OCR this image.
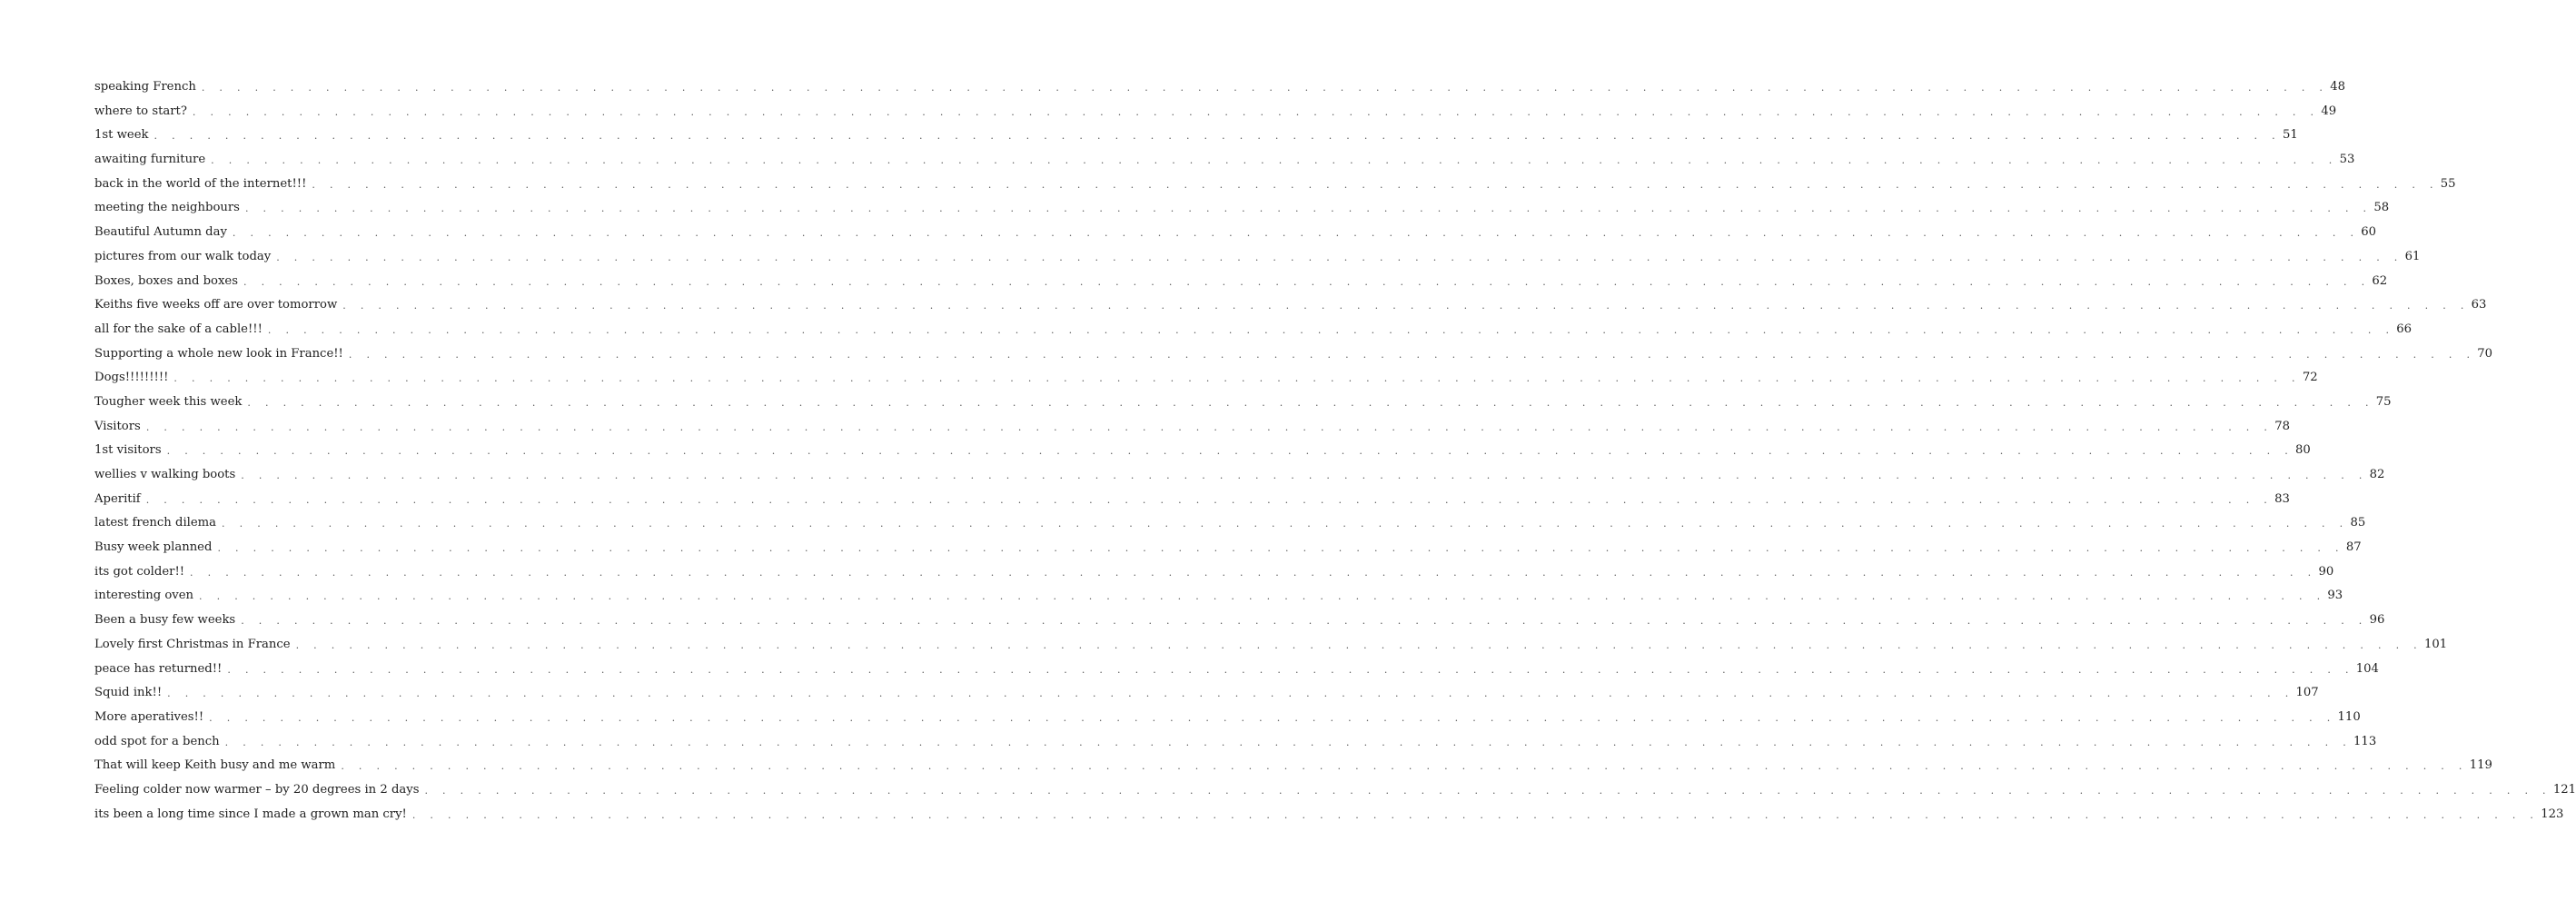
speaking French . . . . . . . . . . . . . . . . . . . . . . . . . . . . . . . . . . . . . . . . . . . . . . . . . . . . . . . . . . . . . . . . . . . . . . . . . . . . . . . . . . . . . . . . . . . . . . . . . . . . . . . . . . . . . . . . . . . . . . . . 48
where to start? . . . . . . . . . . . . . . . . . . . . . . . . . . . . . . . . . . . . . . . . . . . . . . . . . . . . . . . . . . . . . . . . . . . . . . . . . . . . . . . . . . . . . . . . . . . . . . . . . . . . . . . . . . . . . . . . . . . . . . . . 49
1st week . . . . . . . . . . . . . . . . . . . . . . . . . . . . . . . . . . . . . . . . . . . . . . . . . . . . . . . . . . . . . . . . . . . . . . . . . . . . . . . . . . . . . . . . . . . . . . . . . . . . . . . . . . . . . . . . . . . . . . . . 51
awaiting furniture . . . . . . . . . . . . . . . . . . . . . . . . . . . . . . . . . . . . . . . . . . . . . . . . . . . . . . . . . . . . . . . . . . . . . . . . . . . . . . . . . . . . . . . . . . . . . . . . . . . . . . . . . . . . . . . . . . . . . . . . 53
back in the world of the internet!!! . . . . . . . . . . . . . . . . . . . . . . . . . . . . . . . . . . . . . . . . . . . . . . . . . . . . . . . . . . . . . . . . . . . . . . . . . . . . . . . . . . . . . . . . . . . . . . . . . . . . . . . . . . . . . . . . . . . . . . . . 55
meeting the neighbours . . . . . . . . . . . . . . . . . . . . . . . . . . . . . . . . . . . . . . . . . . . . . . . . . . . . . . . . . . . . . . . . . . . . . . . . . . . . . . . . . . . . . . . . . . . . . . . . . . . . . . . . . . . . . . . . . . . . . . . . 58
Beautiful Autumn day . . . . . . . . . . . . . . . . . . . . . . . . . . . . . . . . . . . . . . . . . . . . . . . . . . . . . . . . . . . . . . . . . . . . . . . . . . . . . . . . . . . . . . . . . . . . . . . . . . . . . . . . . . . . . . . . . . . . . . . . 60
pictures from our walk today . . . . . . . . . . . . . . . . . . . . . . . . . . . . . . . . . . . . . . . . . . . . . . . . . . . . . . . . . . . . . . . . . . . . . . . . . . . . . . . . . . . . . . . . . . . . . . . . . . . . . . . . . . . . . . . . . . . . . . . . 61
Boxes, boxes and boxes . . . . . . . . . . . . . . . . . . . . . . . . . . . . . . . . . . . . . . . . . . . . . . . . . . . . . . . . . . . . . . . . . . . . . . . . . . . . . . . . . . . . . . . . . . . . . . . . . . . . . . . . . . . . . . . . . . . . . . . . 62
Keiths five weeks off are over tomorrow . . . . . . . . . . . . . . . . . . . . . . . . . . . . . . . . . . . . . . . . . . . . . . . . . . . . . . . . . . . . . . . . . . . . . . . . . . . . . . . . . . . . . . . . . . . . . . . . . . . . . . . . . . . . . . . . . . . . . . . . 63
all for the sake of a cable!!! . . . . . . . . . . . . . . . . . . . . . . . . . . . . . . . . . . . . . . . . . . . . . . . . . . . . . . . . . . . . . . . . . . . . . . . . . . . . . . . . . . . . . . . . . . . . . . . . . . . . . . . . . . . . . . . . . . . . . . . . 66
Supporting a whole new look in France!! . . . . . . . . . . . . . . . . . . . . . . . . . . . . . . . . . . . . . . . . . . . . . . . . . . . . . . . . . . . . . . . . . . . . . . . . . . . . . . . . . . . . . . . . . . . . . . . . . . . . . . . . . . . . . . . . . . . . . . . . 70
Dogs!!!!!!!!! . . . . . . . . . . . . . . . . . . . . . . . . . . . . . . . . . . . . . . . . . . . . . . . . . . . . . . . . . . . . . . . . . . . . . . . . . . . . . . . . . . . . . . . . . . . . . . . . . . . . . . . . . . . . . . . . . . . . . . . . 72
Tougher week this week . . . . . . . . . . . . . . . . . . . . . . . . . . . . . . . . . . . . . . . . . . . . . . . . . . . . . . . . . . . . . . . . . . . . . . . . . . . . . . . . . . . . . . . . . . . . . . . . . . . . . . . . . . . . . . . . . . . . . . . . 75
Visitors . . . . . . . . . . . . . . . . . . . . . . . . . . . . . . . . . . . . . . . . . . . . . . . . . . . . . . . . . . . . . . . . . . . . . . . . . . . . . . . . . . . . . . . . . . . . . . . . . . . . . . . . . . . . . . . . . . . . . . . . 78
1st visitors . . . . . . . . . . . . . . . . . . . . . . . . . . . . . . . . . . . . . . . . . . . . . . . . . . . . . . . . . . . . . . . . . . . . . . . . . . . . . . . . . . . . . . . . . . . . . . . . . . . . . . . . . . . . . . . . . . . . . . . . 80
wellies v walking boots . . . . . . . . . . . . . . . . . . . . . . . . . . . . . . . . . . . . . . . . . . . . . . . . . . . . . . . . . . . . . . . . . . . . . . . . . . . . . . . . . . . . . . . . . . . . . . . . . . . . . . . . . . . . . . . . . . . . . . . . 82
Aperitif . . . . . . . . . . . . . . . . . . . . . . . . . . . . . . . . . . . . . . . . . . . . . . . . . . . . . . . . . . . . . . . . . . . . . . . . . . . . . . . . . . . . . . . . . . . . . . . . . . . . . . . . . . . . . . . . . . . . . . . . 83
latest french dilema . . . . . . . . . . . . . . . . . . . . . . . . . . . . . . . . . . . . . . . . . . . . . . . . . . . . . . . . . . . . . . . . . . . . . . . . . . . . . . . . . . . . . . . . . . . . . . . . . . . . . . . . . . . . . . . . . . . . . . . . 85
Busy week planned . . . . . . . . . . . . . . . . . . . . . . . . . . . . . . . . . . . . . . . . . . . . . . . . . . . . . . . . . . . . . . . . . . . . . . . . . . . . . . . . . . . . . . . . . . . . . . . . . . . . . . . . . . . . . . . . . . . . . . . . 87
its got colder!! . . . . . . . . . . . . . . . . . . . . . . . . . . . . . . . . . . . . . . . . . . . . . . . . . . . . . . . . . . . . . . . . . . . . . . . . . . . . . . . . . . . . . . . . . . . . . . . . . . . . . . . . . . . . . . . . . . . . . . . . 90
interesting oven . . . . . . . . . . . . . . . . . . . . . . . . . . . . . . . . . . . . . . . . . . . . . . . . . . . . . . . . . . . . . . . . . . . . . . . . . . . . . . . . . . . . . . . . . . . . . . . . . . . . . . . . . . . . . . . . . . . . . . . . 93
Been a busy few weeks . . . . . . . . . . . . . . . . . . . . . . . . . . . . . . . . . . . . . . . . . . . . . . . . . . . . . . . . . . . . . . . . . . . . . . . . . . . . . . . . . . . . . . . . . . . . . . . . . . . . . . . . . . . . . . . . . . . . . . . . 96
Lovely first Christmas in France . . . . . . . . . . . . . . . . . . . . . . . . . . . . . . . . . . . . . . . . . . . . . . . . . . . . . . . . . . . . . . . . . . . . . . . . . . . . . . . . . . . . . . . . . . . . . . . . . . . . . . . . . . . . . . . . . . . . . . . . 101
peace has returned!! . . . . . . . . . . . . . . . . . . . . . . . . . . . . . . . . . . . . . . . . . . . . . . . . . . . . . . . . . . . . . . . . . . . . . . . . . . . . . . . . . . . . . . . . . . . . . . . . . . . . . . . . . . . . . . . . . . . . . . . . 104
Squid ink!! . . . . . . . . . . . . . . . . . . . . . . . . . . . . . . . . . . . . . . . . . . . . . . . . . . . . . . . . . . . . . . . . . . . . . . . . . . . . . . . . . . . . . . . . . . . . . . . . . . . . . . . . . . . . . . . . . . . . . . . . 107
More aperatives!! . . . . . . . . . . . . . . . . . . . . . . . . . . . . . . . . . . . . . . . . . . . . . . . . . . . . . . . . . . . . . . . . . . . . . . . . . . . . . . . . . . . . . . . . . . . . . . . . . . . . . . . . . . . . . . . . . . . . . . . . 110
odd spot for a bench . . . . . . . . . . . . . . . . . . . . . . . . . . . . . . . . . . . . . . . . . . . . . . . . . . . . . . . . . . . . . . . . . . . . . . . . . . . . . . . . . . . . . . . . . . . . . . . . . . . . . . . . . . . . . . . . . . . . . . . . 113
That will keep Keith busy and me warm . . . . . . . . . . . . . . . . . . . . . . . . . . . . . . . . . . . . . . . . . . . . . . . . . . . . . . . . . . . . . . . . . . . . . . . . . . . . . . . . . . . . . . . . . . . . . . . . . . . . . . . . . . . . . . . . . . . . . . . . 119
Feeling colder now warmer – by 20 degrees in 2 days . . . . . . . . . . . . . . . . . . . . . . . . . . . . . . . . . . . . . . . . . . . . . . . . . . . . . . . . . . . . . . . . . . . . . . . . . . . . . . . . . . . . . . . . . . . . . . . . . . . . . . . . . . . . . . . . . . . . . . . . 121
its been a long time since I made a grown man cry! . . . . . . . . . . . . . . . . . . . . . . . . . . . . . . . . . . . . . . . . . . . . . . . . . . . . . . . . . . . . . . . . . . . . . . . . . . . . . . . . . . . . . . . . . . . . . . . . . . . . . . . . . . . . . . . . . . . . . . . . 123
